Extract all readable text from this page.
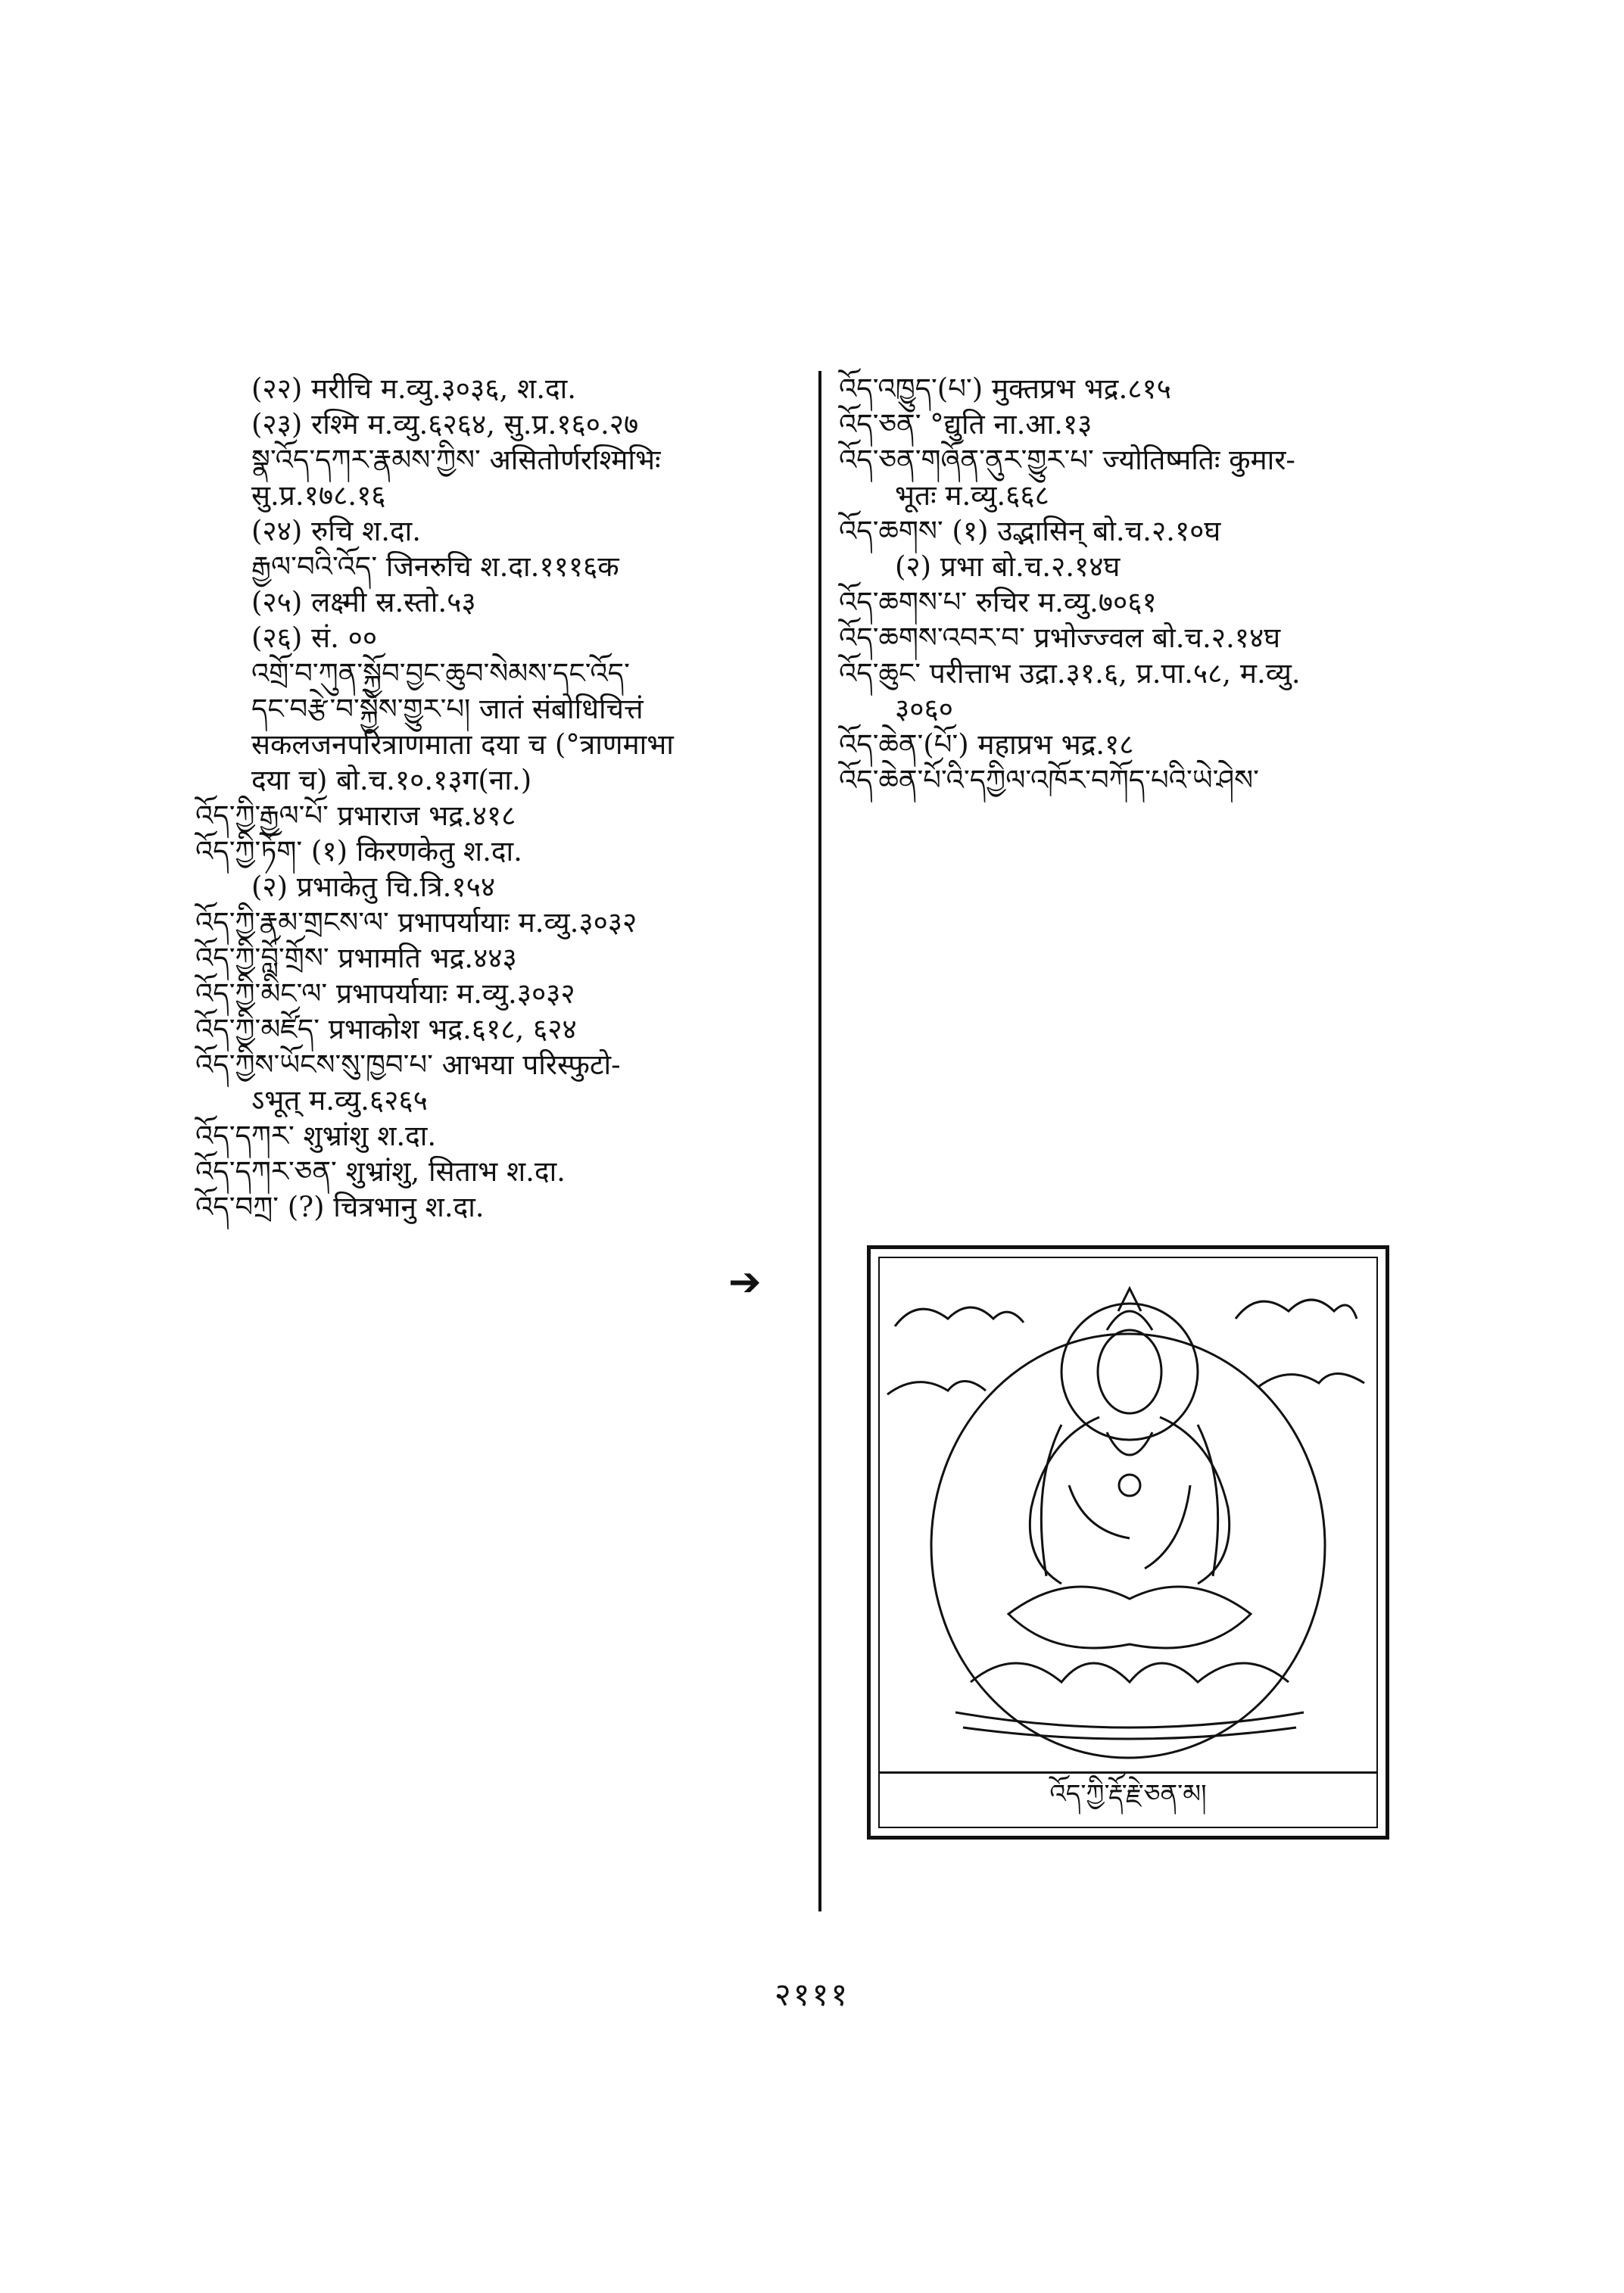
(२२) मरीचि म.व्यु.३०३६, श.दा.

(२३) रश्मि म.व्यु.६२६४, सु.प्र.१६०.२७

སྣ་འོད་དཀར་རྣམས་ཀྱིས་ असितोर्णरश्मिभिः

सु.प्र.१७८.१६

(२४) रुचि श.दा.

རྒྱལ་བའི་འོད་ जिनरुचि श.दा.१११६क

(२५) लक्ष्मी स्र.स्तो.५३

(२६) सं. ००

འགྲོ་བ་ཀུན་སྐྱོབ་བྱང་ཆུབ་སེམས་དང་འོད་

དང་བརྩེ་བ་སྐྱེས་གྱུར་པ། जातं संबोधिचित्तं

सकलजनपरित्राणमाता दया च (°त्राणमाभा

दया च) बो.च.१०.१३ग(ना.)

འོད་ཀྱི་རྒྱལ་པོ་ प्रभाराज भद्र.४१८

འོད་ཀྱི་ཏོག་ (१) किरणकेतु श.दा.

(२) प्रभाकेतु चि.त्रि.१५४

འོད་ཀྱི་རྣམ་གྲངས་ལ་ प्रभापर्यायाः म.व्यु.३०३२

འོད་ཀྱི་བློ་གྲོས་ प्रभामति भद्र.४४३

འོད་ཀྱི་མིང་ལ་ प्रभापर्यायाः म.व्यु.३०३२

འོད་ཀྱི་མཛོད་ प्रभाकोश भद्र.६१८, ६२४

འོད་ཀྱིས་ཡོངས་སུ་ཁྱབ་པ་ आभया परिस्फुटो-

ऽभूत् म.व्यु.६२६५

འོད་དཀར་ शुभ्रांशु श.दा.

འོད་དཀར་ཅན་ शुभ्रांशु, सिताभ श.दा.

འོད་བཀྲ་ (?) चित्रभानु श.दा.

འོད་འཁྱུད་(པ་) मुक्तप्रभ भद्र.८१५

འོད་ཅན་ °द्युति ना.आ.१३

འོད་ཅན་གཞོན་ནུར་གྱུར་པ་ ज्योतिष्मतिः कुमार-

भूतः म.व्यु.६६८

འོད་ཆགས་ (१) उद्भासिन् बो.च.२.१०घ

(२) प्रभा बो.च.२.१४घ

འོད་ཆགས་པ་ रुचिर म.व्यु.७०६१

འོད་ཆགས་འབར་བ་ प्रभोज्ज्वल बो.च.२.१४घ

འོད་ཆུང་ परीत्ताभ उद्रा.३१.६, प्र.पा.५८, म.व्यु.

३०६०

འོད་ཆེན་(པོ་) महाप्रभ भद्र.१८

འོད་ཆེན་པོ་འི་དཀྱིལ་འཁོར་བཀོད་པའི་ཡེ་ཤེས་

➔
འོད་ཀྱི་རྡོ་རྗེ་ཅན་མ།
२१११
